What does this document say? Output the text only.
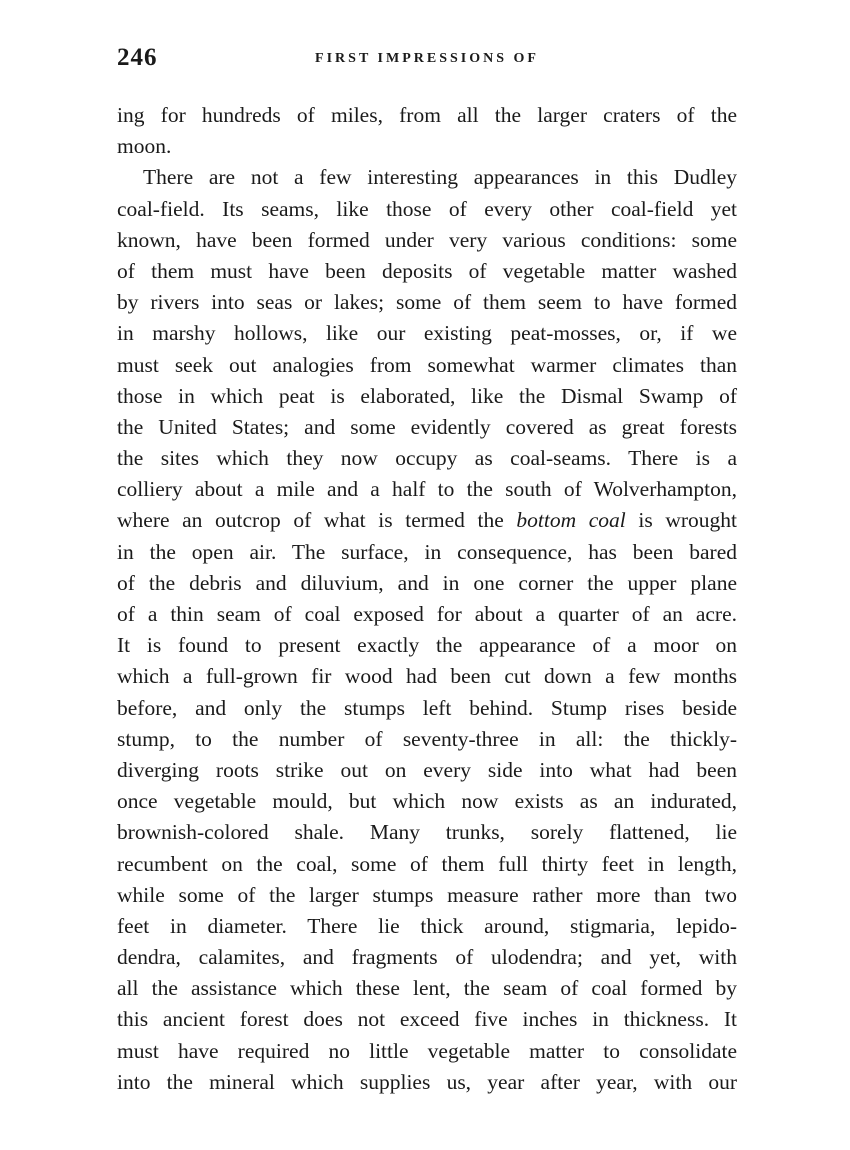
246	FIRST IMPRESSIONS OF
ing for hundreds of miles, from all the larger craters of the
moon.
There are not a few interesting appearances in this Dudley
coal-field. Its seams, like those of every other coal-field yet
known, have been formed under very various conditions: some
of them must have been deposits of vegetable matter washed
by rivers into seas or lakes; some of them seem to have formed
in marshy hollows, like our existing peat-mosses, or, if we
must seek out analogies from somewhat warmer climates than
those in which peat is elaborated, like the Dismal Swamp of
the United States; and some evidently covered as great forests
the sites which they now occupy as coal-seams. There is a
colliery about a mile and a half to the south of Wolverhampton,
where an outcrop of what is termed the bottom coal is wrought
in the open air. The surface, in consequence, has been bared
of the debris and diluvium, and in one corner the upper plane
of a thin seam of coal exposed for about a quarter of an acre.
It is found to present exactly the appearance of a moor on
which a full-grown fir wood had been cut down a few months
before, and only the stumps left behind. Stump rises beside
stump, to the number of seventy-three in all: the thickly-
diverging roots strike out on every side into what had been
once vegetable mould, but which now exists as an indurated,
brownish-colored shale. Many trunks, sorely flattened, lie
recumbent on the coal, some of them full thirty feet in length,
while some of the larger stumps measure rather more than two
feet in diameter. There lie thick around, stigmaria, lepido-
dendra, calamites, and fragments of ulodendra; and yet, with
all the assistance which these lent, the seam of coal formed by
this ancient forest does not exceed five inches in thickness. It
must have required no little vegetable matter to consolidate
into the mineral which supplies us, year after year, with our
